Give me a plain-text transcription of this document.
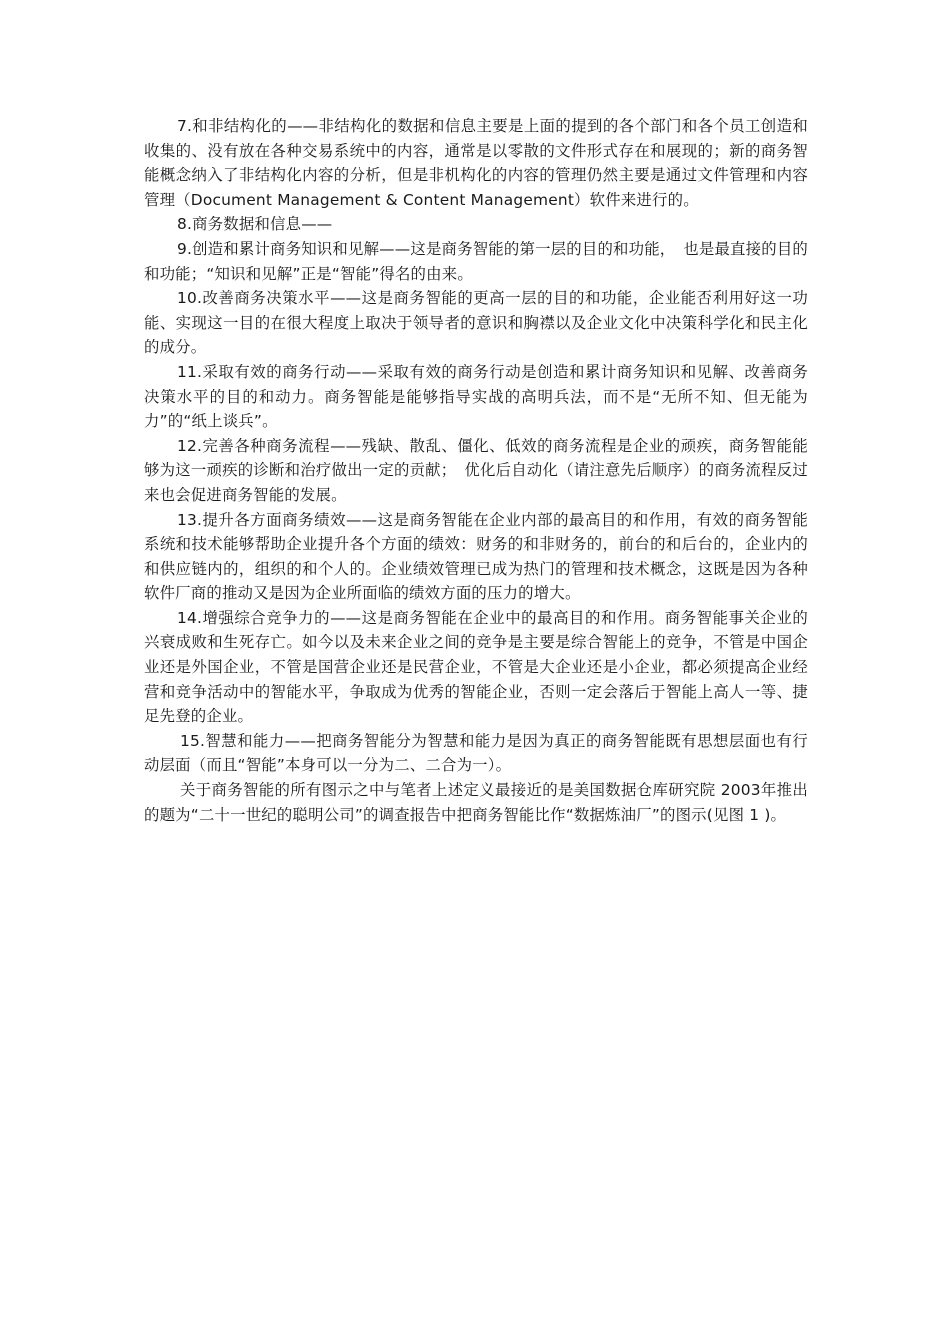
7.和非结构化的——非结构化的数据和信息主要是上面的提到的各个部门和各个员工创造和收集的、没有放在各种交易系统中的内容，通常是以零散的文件形式存在和展现的；新的商务智能概念纳入了非结构化内容的分析，但是非机构化的内容的管理仍然主要是通过文件管理和内容管理（Document Management & Content Management）软件来进行的。

8.商务数据和信息——

9.创造和累计商务知识和见解——这是商务智能的第一层的目的和功能，　也是最直接的目的和功能；“知识和见解”正是“智能”得名的由来。

10.改善商务决策水平——这是商务智能的更高一层的目的和功能，企业能否利用好这一功能、实现这一目的在很大程度上取决于领导者的意识和胸襟以及企业文化中决策科学化和民主化的成分。

11.采取有效的商务行动——采取有效的商务行动是创造和累计商务知识和见解、改善商务决策水平的目的和动力。商务智能是能够指导实战的高明兵法，而不是“无所不知、但无能为力”的“纸上谈兵”。

12.完善各种商务流程——残缺、散乱、僵化、低效的商务流程是企业的顽疾，商务智能能够为这一顽疾的诊断和治疗做出一定的贡献；　优化后自动化（请注意先后顺序）的商务流程反过来也会促进商务智能的发展。

13.提升各方面商务绩效——这是商务智能在企业内部的最高目的和作用，有效的商务智能系统和技术能够帮助企业提升各个方面的绩效：财务的和非财务的，前台的和后台的，企业内的和供应链内的，组织的和个人的。企业绩效管理已成为热门的管理和技术概念，这既是因为各种软件厂商的推动又是因为企业所面临的绩效方面的压力的增大。

14.增强综合竞争力的——这是商务智能在企业中的最高目的和作用。商务智能事关企业的兴衰成败和生死存亡。如今以及未来企业之间的竞争是主要是综合智能上的竞争，不管是中国企业还是外国企业，不管是国营企业还是民营企业，不管是大企业还是小企业，都必须提高企业经营和竞争活动中的智能水平，争取成为优秀的智能企业，否则一定会落后于智能上高人一等、捷足先登的企业。

15.智慧和能力——把商务智能分为智慧和能力是因为真正的商务智能既有思想层面也有行动层面（而且“智能”本身可以一分为二、二合为一）。

关于商务智能的所有图示之中与笔者上述定义最接近的是美国数据仓库研究院 2003年推出的题为“二十一世纪的聪明公司”的调查报告中把商务智能比作“数据炼油厂”的图示(见图 1 )。
